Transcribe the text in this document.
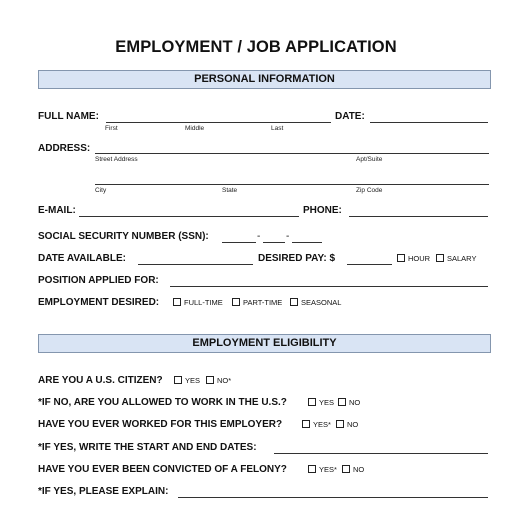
EMPLOYMENT / JOB APPLICATION
PERSONAL INFORMATION
FULL NAME:	DATE:
First	Middle	Last
ADDRESS:
Street Address	Apt/Suite
City	State	Zip Code
E-MAIL:	PHONE:
SOCIAL SECURITY NUMBER (SSN):	-	-
DATE AVAILABLE:	DESIRED PAY: $	HOUR	SALARY
POSITION APPLIED FOR:
EMPLOYMENT DESIRED:	FULL-TIME	PART-TIME	SEASONAL
EMPLOYMENT ELIGIBILITY
ARE YOU A U.S. CITIZEN?	YES	NO*
*IF NO, ARE YOU ALLOWED TO WORK IN THE U.S.?	YES	NO
HAVE YOU EVER WORKED FOR THIS EMPLOYER?	YES*	NO
*IF YES, WRITE THE START AND END DATES:
HAVE YOU EVER BEEN CONVICTED OF A FELONY?	YES*	NO
*IF YES, PLEASE EXPLAIN:
